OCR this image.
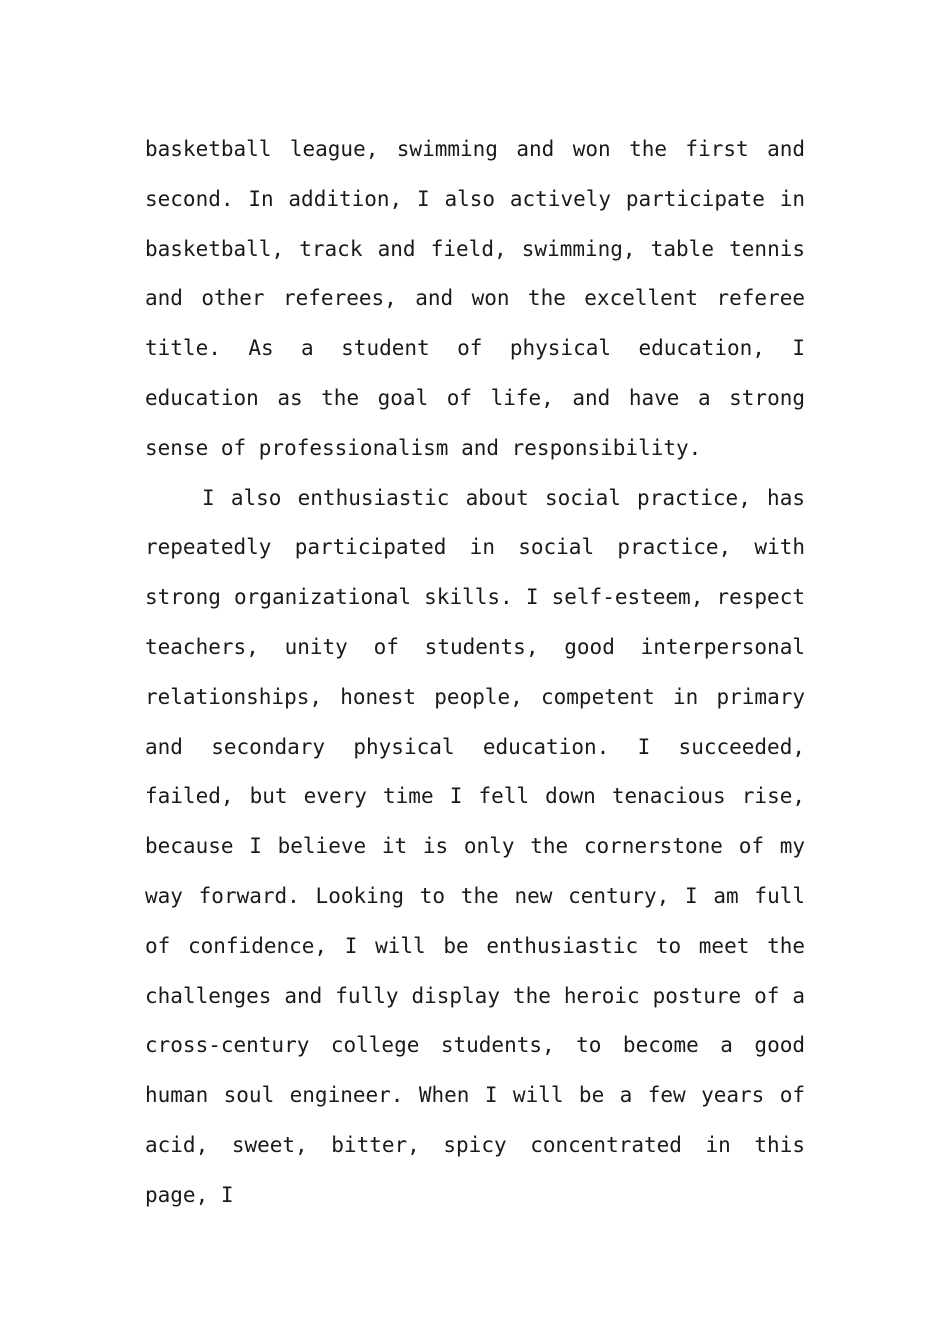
basketball league, swimming and won the first and second. In addition, I also actively participate in basketball, track and field, swimming, table tennis and other referees, and won the excellent referee title. As a student of physical education, I education as the goal of life, and have a strong sense of professionalism and responsibility.

I also enthusiastic about social practice, has repeatedly participated in social practice, with strong organizational skills. I self-esteem, respect teachers, unity of students, good interpersonal relationships, honest people, competent in primary and secondary physical education. I succeeded, failed, but every time I fell down tenacious rise, because I believe it is only the cornerstone of my way forward. Looking to the new century, I am full of confidence, I will be enthusiastic to meet the challenges and fully display the heroic posture of a cross-century college students, to become a good human soul engineer. When I will be a few years of acid, sweet, bitter, spicy concentrated in this page, I
